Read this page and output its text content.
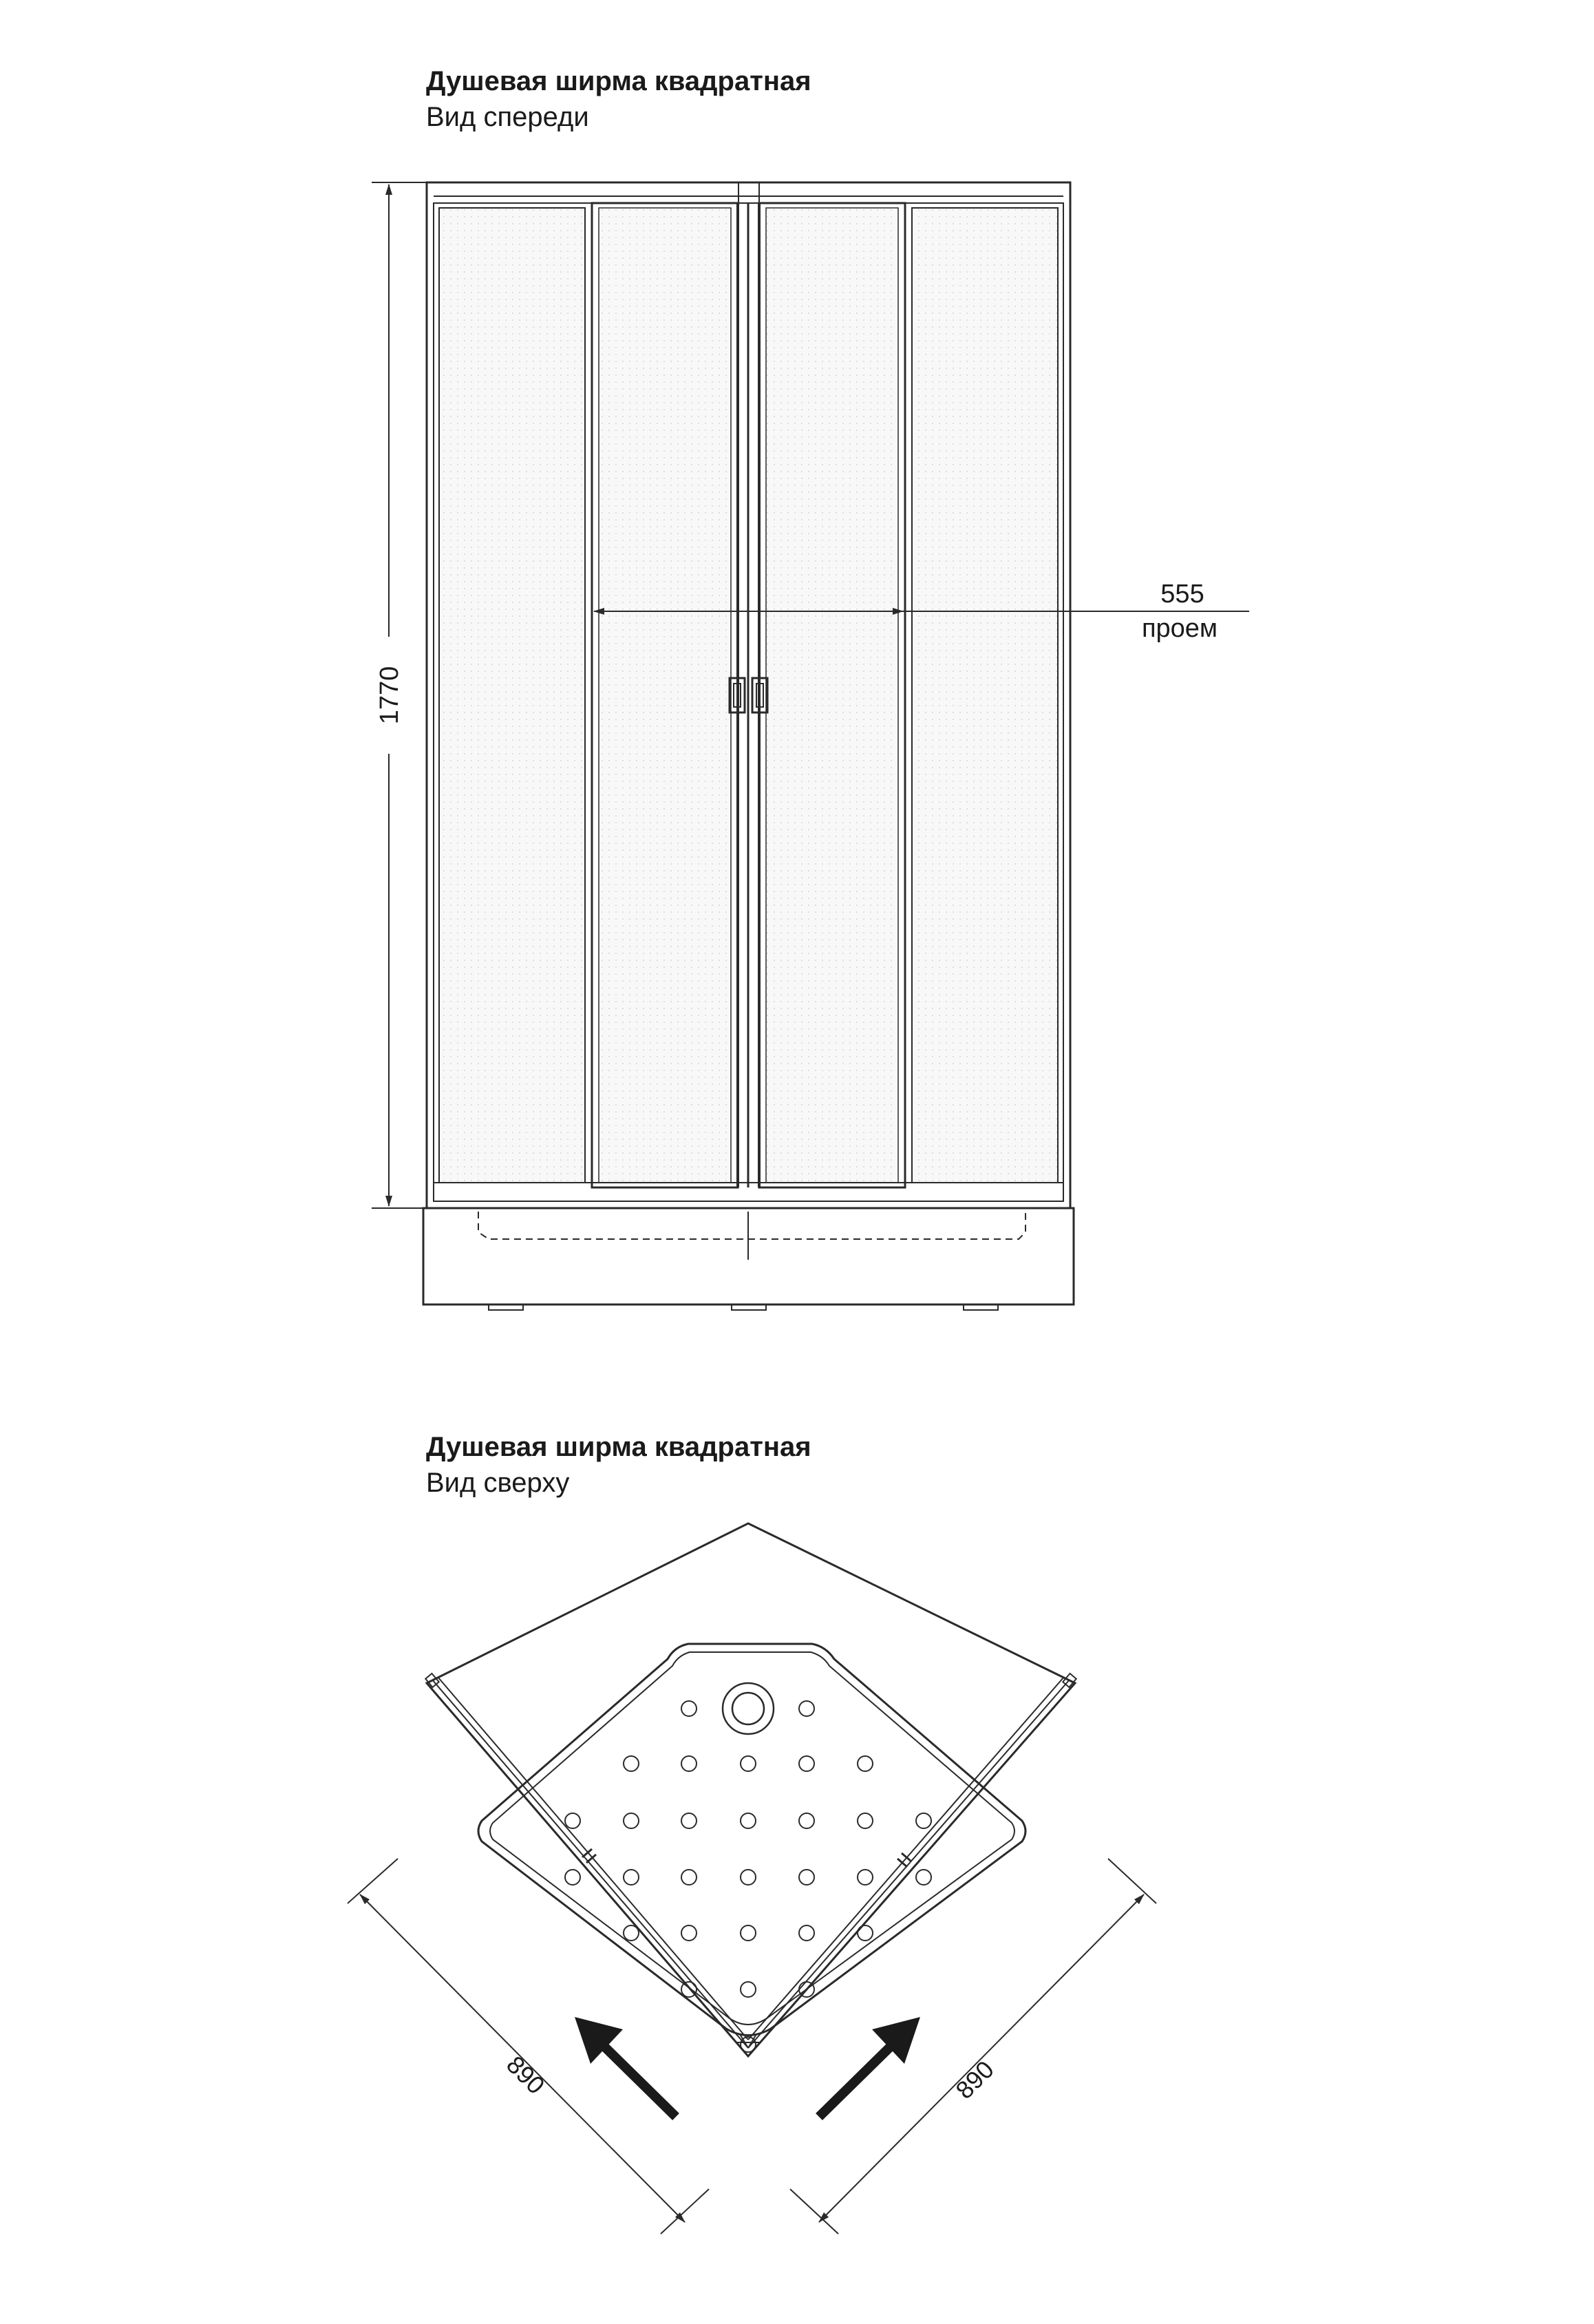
Душевая ширма квадратная
Вид спереди
Душевая ширма квадратная
Вид сверху
1770
555
проем
890	890
